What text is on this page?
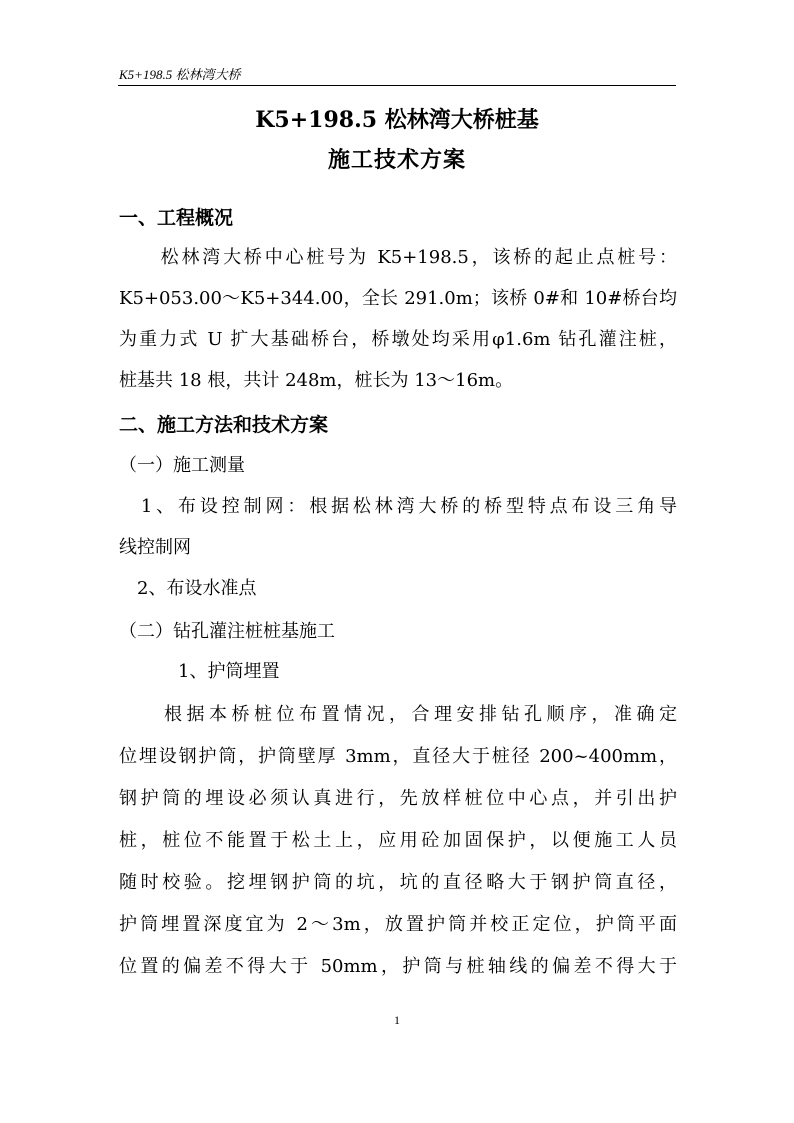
K5+198.5 松林湾大桥
K5+198.5 松林湾大桥桩基
施工技术方案
一、工程概况
　　松林湾大桥中心桩号为 K5+198.5，该桥的起止点桩号：
K5+053.00～K5+344.00，全长 291.0m；该桥 0#和 10#桥台均
为重力式 U 扩大基础桥台，桥墩处均采用φ1.6m 钻孔灌注桩，
桩基共 18 根，共计 248m，桩长为 13～16m。
二、施工方法和技术方案
（一）施工测量
　1、布设控制网：根据松林湾大桥的桥型特点布设三角导
线控制网
　2、布设水准点
（二）钻孔灌注桩桩基施工
1、护筒埋置
　　根据本桥桩位布置情况，合理安排钻孔顺序，准确定
位埋设钢护筒，护筒壁厚 3mm，直径大于桩径 200~400mm，
钢护筒的埋设必须认真进行，先放样桩位中心点，并引出护
桩，桩位不能置于松土上，应用砼加固保护，以便施工人员
随时校验。挖埋钢护筒的坑，坑的直径略大于钢护筒直径，
护筒埋置深度宜为 2～3m，放置护筒并校正定位，护筒平面
位置的偏差不得大于 50mm，护筒与桩轴线的偏差不得大于
1
